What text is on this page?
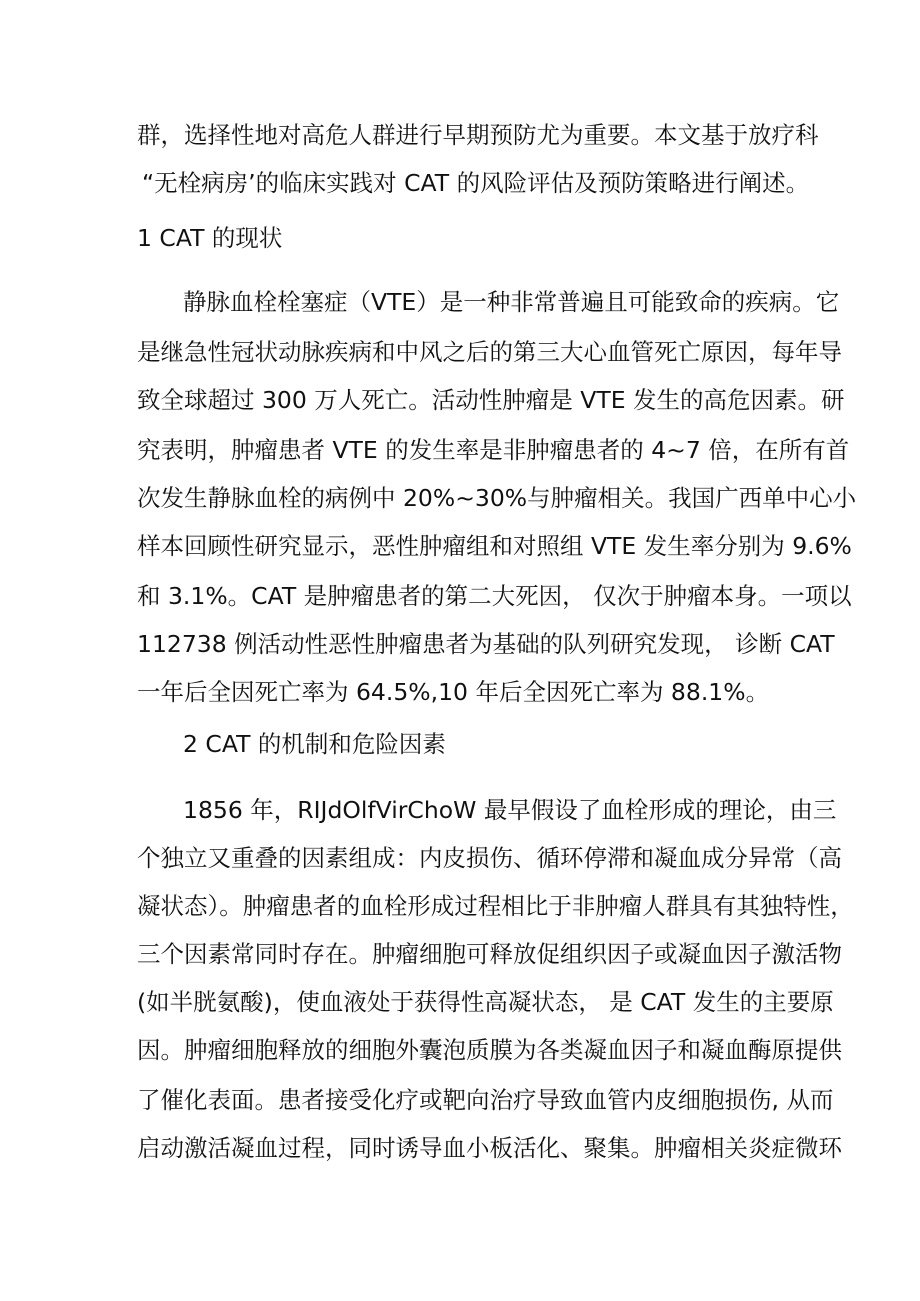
群，选择性地对高危人群进行早期预防尤为重要。本文基于放疗科
“无栓病房’的临床实践对 CAT 的风险评估及预防策略进行阐述。
1 CAT 的现状
静脉血栓栓塞症（VTE）是一种非常普遍且可能致命的疾病。它
是继急性冠状动脉疾病和中风之后的第三大心血管死亡原因，每年导
致全球超过 300 万人死亡。活动性肿瘤是 VTE 发生的高危因素。研
究表明，肿瘤患者 VTE 的发生率是非肿瘤患者的 4~7 倍，在所有首
次发生静脉血栓的病例中 20%~30%与肿瘤相关。我国广西单中心小
样本回顾性研究显示，恶性肿瘤组和对照组 VTE 发生率分别为 9.6%
和 3.1%。CAT 是肿瘤患者的第二大死因， 仅次于肿瘤本身。一项以
112738 例活动性恶性肿瘤患者为基础的队列研究发现， 诊断 CAT
一年后全因死亡率为 64.5%,10 年后全因死亡率为 88.1%。
2 CAT 的机制和危险因素
1856 年，RIJdOlfVirChoW 最早假设了血栓形成的理论，由三
个独立又重叠的因素组成：内皮损伤、循环停滞和凝血成分异常（高
凝状态）。肿瘤患者的血栓形成过程相比于非肿瘤人群具有其独特性，
三个因素常同时存在。肿瘤细胞可释放促组织因子或凝血因子激活物
(如半胱氨酸)，使血液处于获得性高凝状态， 是 CAT 发生的主要原
因。肿瘤细胞释放的细胞外囊泡质膜为各类凝血因子和凝血酶原提供
了催化表面。患者接受化疗或靶向治疗导致血管内皮细胞损伤, 从而
启动激活凝血过程，同时诱导血小板活化、聚集。肿瘤相关炎症微环
